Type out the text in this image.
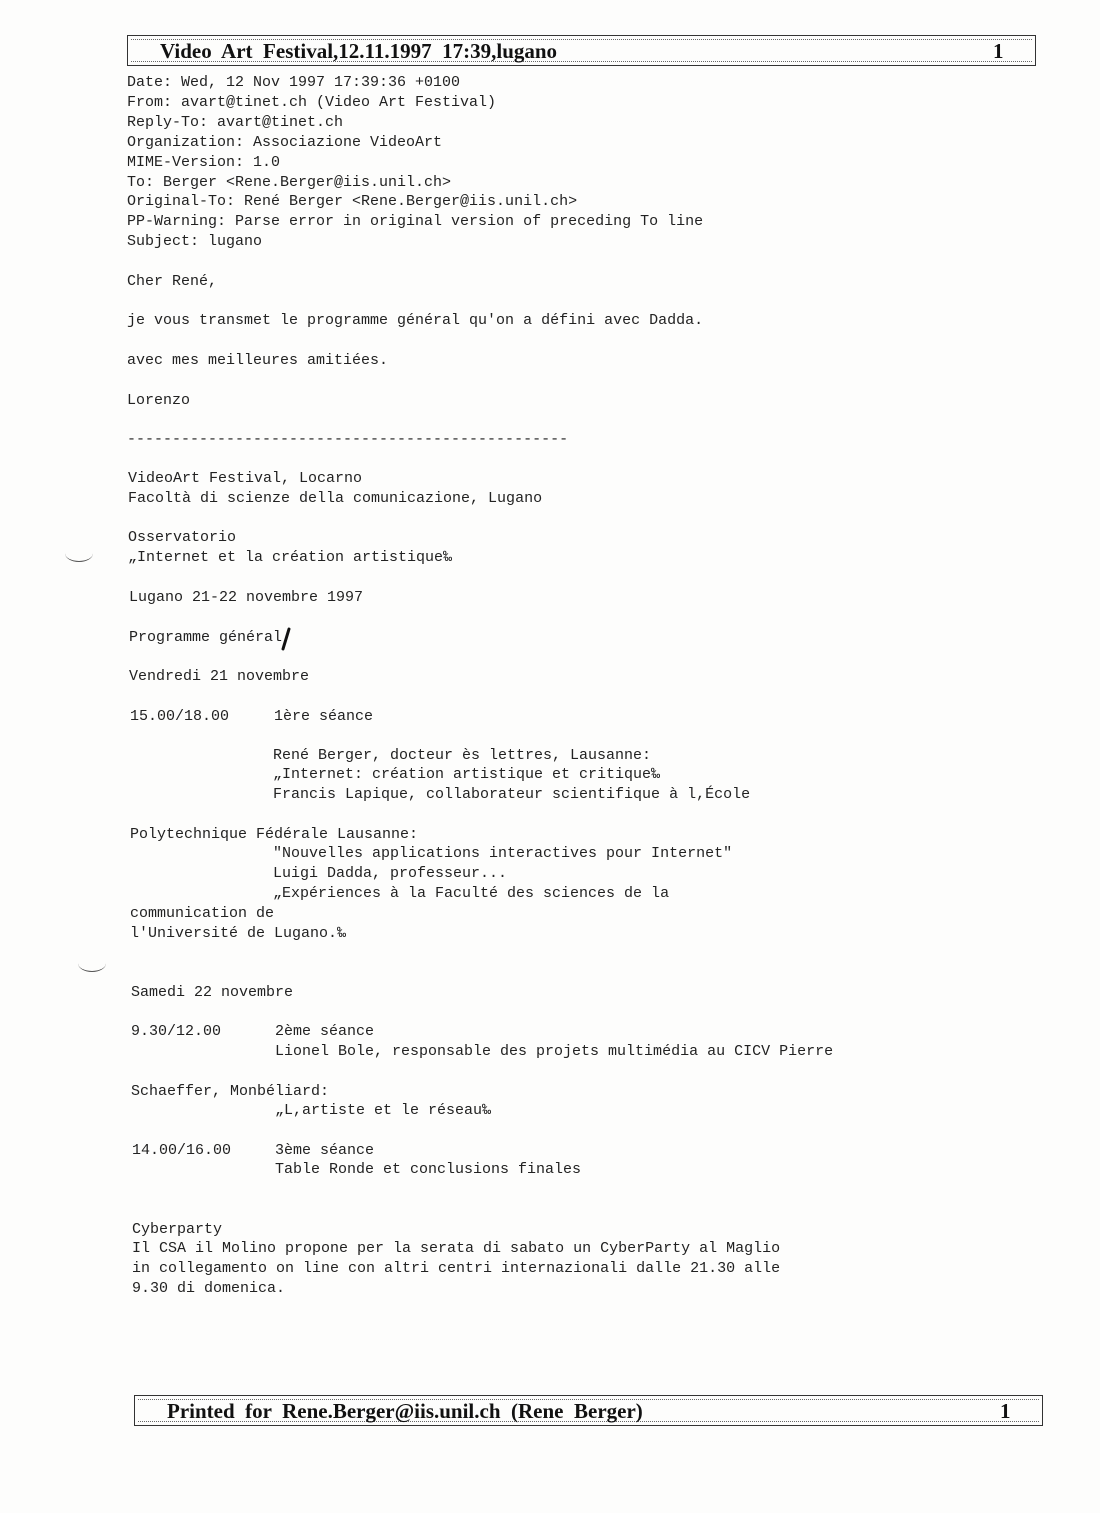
Video  Art  Festival,12.11.1997  17:39,lugano	1
Date: Wed, 12 Nov 1997 17:39:36 +0100
From: avart@tinet.ch (Video Art Festival)
Reply-To: avart@tinet.ch
Organization: Associazione VideoArt
MIME-Version: 1.0
To: Berger <Rene.Berger@iis.unil.ch>
Original-To: René Berger <Rene.Berger@iis.unil.ch>
PP-Warning: Parse error in original version of preceding To line
Subject: lugano
Cher René,
je vous transmet le programme général qu'on a défini avec Dadda.
avec mes meilleures amitiées.
Lorenzo
-------------------------------------------------
VideoArt Festival, Locarno
Facoltà di scienze della comunicazione, Lugano
Osservatorio
„Internet et la création artistique‰
Lugano 21-22 novembre 1997
Programme général
Vendredi 21 novembre
15.00/18.00	1ère séance
René Berger, docteur ès lettres, Lausanne:
„Internet: création artistique et critique‰
Francis Lapique, collaborateur scientifique à l,École
Polytechnique Fédérale Lausanne:
"Nouvelles applications interactives pour Internet"
Luigi Dadda, professeur...
„Expériences à la Faculté des sciences de la
communication de
l'Université de Lugano.‰
Samedi 22 novembre
9.30/12.00	2ème séance
Lionel Bole, responsable des projets multimédia au CICV Pierre
Schaeffer, Monbéliard:
„L,artiste et le réseau‰
14.00/16.00	3ème séance
Table Ronde et conclusions finales
Cyberparty
Il CSA il Molino propone per la serata di sabato un CyberParty al Maglio
in collegamento on line con altri centri internazionali dalle 21.30 alle
9.30 di domenica.
Printed  for  Rene.Berger@iis.unil.ch  (Rene  Berger)	1
